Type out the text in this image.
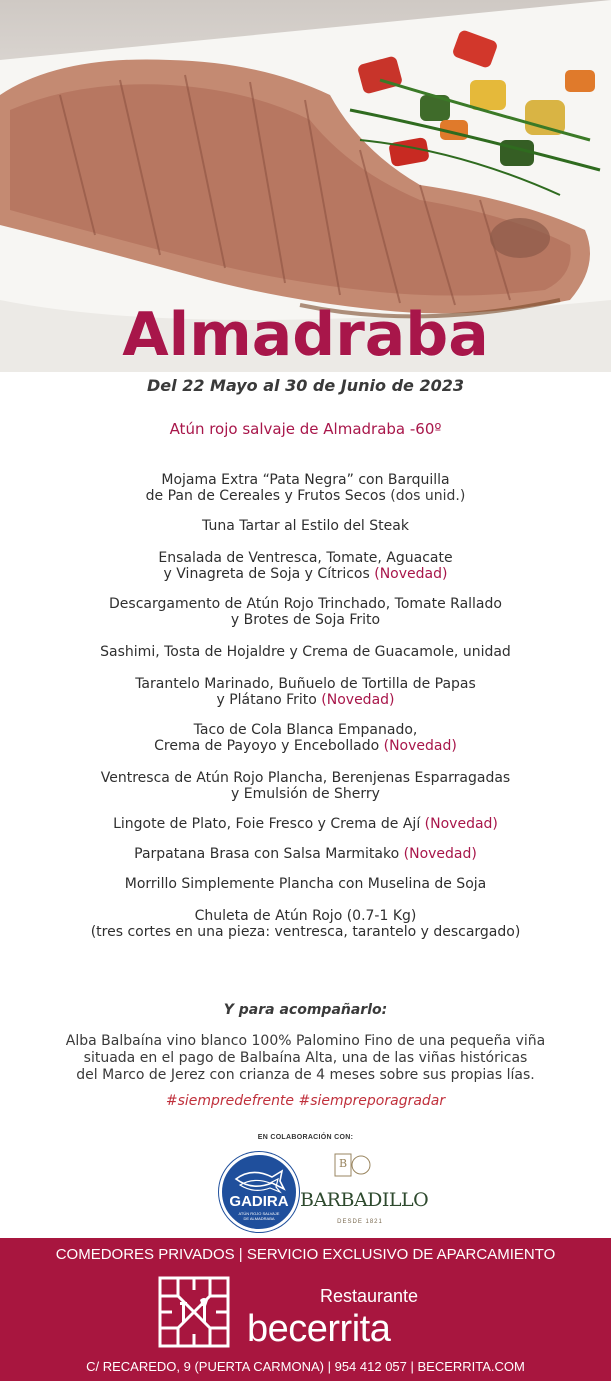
Almadraba
Del 22 Mayo al 30 de Junio de 2023
Atún rojo salvaje de Almadraba -60º
Mojama Extra “Pata Negra” con Barquilla
de Pan de Cereales y Frutos Secos (dos unid.)
Tuna Tartar al Estilo del Steak
Ensalada de Ventresca, Tomate, Aguacate
y Vinagreta de Soja y Cítricos (Novedad)
Descargamento de Atún Rojo Trinchado, Tomate Rallado
y Brotes de Soja Frito
Sashimi, Tosta de Hojaldre y Crema de Guacamole, unidad
Tarantelo Marinado, Buñuelo de Tortilla de Papas
y Plátano Frito (Novedad)
Taco de Cola Blanca Empanado,
Crema de Payoyo y Encebollado (Novedad)
Ventresca de Atún Rojo Plancha, Berenjenas Esparragadas
y Emulsión de Sherry
Lingote de Plato, Foie Fresco y Crema de Ají (Novedad)
Parpatana Brasa con Salsa Marmitako (Novedad)
Morrillo Simplemente Plancha con Muselina de Soja
Chuleta de Atún Rojo (0.7-1 Kg)
(tres cortes en una pieza: ventresca, tarantelo y descargado)
Y para acompañarlo:
Alba Balbaína vino blanco 100% Palomino Fino de una pequeña viña
situada en el pago de Balbaína Alta, una de las viñas históricas
del Marco de Jerez con crianza de 4 meses sobre sus propias lías.
#siempredefrente #siempreporagradar
EN COLABORACIÓN CON:
GADIRA
ATÚN ROJO SALVAJE
DE ALMADRABA
B
BARBADILLO
DESDE 1821
COMEDORES PRIVADOS | SERVICIO EXCLUSIVO DE APARCAMIENTO
Restaurante
becerrita
C/ RECAREDO, 9 (PUERTA CARMONA) | 954 412 057 | BECERRITA.COM
